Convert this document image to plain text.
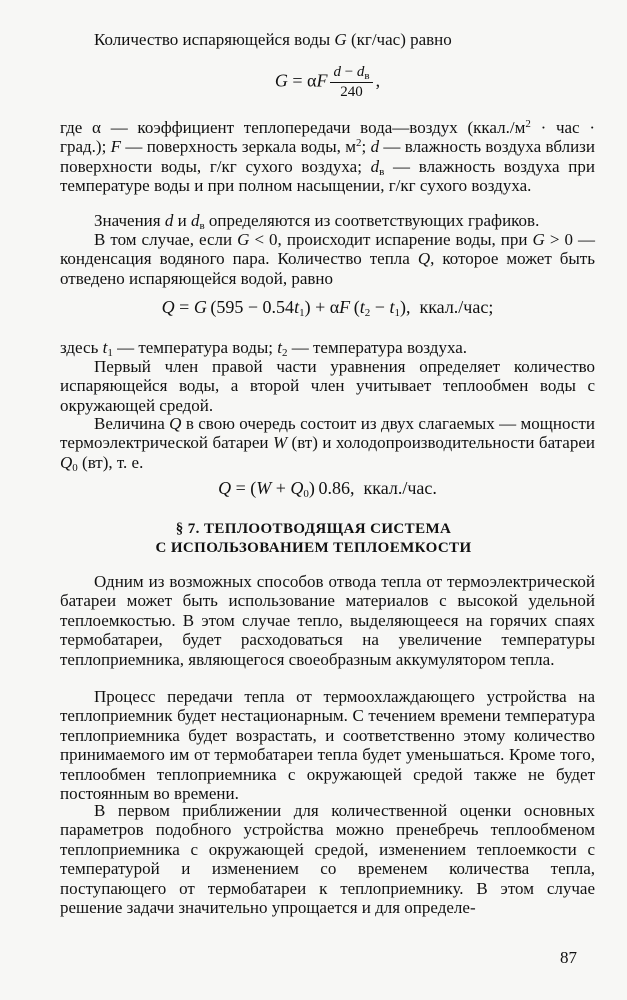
Количество испаряющейся воды G (кг/час) равно

G = αF $\frac{d - d_в}{240}$ ,

где α — коэффициент теплопередачи вода—воздух ($ккал./м^2$ · час · град.); F — поверхность зеркала воды, $м^2$; d — влажность воздуха вблизи поверхности воды, г/кг сухого воздуха; $d_в$ — влажность воздуха при температуре воды и при полном насыщении, г/кг сухого воздуха.

Значения d и $d_в$ определяются из соответствующих графиков.

В том случае, если G < 0, происходит испарение воды, при G > 0 — конденсация водяного пара. Количество тепла Q, которое может быть отведено испаряющейся водой, равно

Q = G $(595 - 0.54t_1) + \alpha F$ $(t_2 - t_1)$,  ккал./час;

здесь $t_1$ — температура воды; $t_2$ — температура воздуха.

Первый член правой части уравнения определяет количество испаряющейся воды, а второй член учитывает теплообмен воды с окружающей средой.

Величина Q в свою очередь состоит из двух слагаемых — мощности термоэлектрической батареи W (вт) и холодопроизводительности батареи $Q_0$ (вт), т. е.

$Q = (W + Q_0)$ 0.86,  ккал./час.

§ 7. ТЕПЛООТВОДЯЩАЯ СИСТЕМА

С ИСПОЛЬЗОВАНИЕМ ТЕПЛОЕМКОСТИ

Одним из возможных способов отвода тепла от термоэлектрической батареи может быть использование материалов с высокой удельной теплоемкостью. В этом случае тепло, выделяющееся на горячих спаях термобатареи, будет расходоваться на увеличение температуры теплоприемника, являющегося своеобразным аккумулятором тепла.

Процесс передачи тепла от термоохлаждающего устройства на теплоприемник будет нестационарным. С течением времени температура теплоприемника будет возрастать, и соответственно этому количество принимаемого им от термобатареи тепла будет уменьшаться. Кроме того, теплообмен теплоприемника с окружающей средой также не будет постоянным во времени.

В первом приближении для количественной оценки основных параметров подобного устройства можно пренебречь теплообменом теплоприемника с окружающей средой, изменением теплоемкости с температурой и изменением со временем количества тепла, поступающего от термобатареи к теплоприемнику. В этом случае решение задачи значительно упрощается и для определе-

87
